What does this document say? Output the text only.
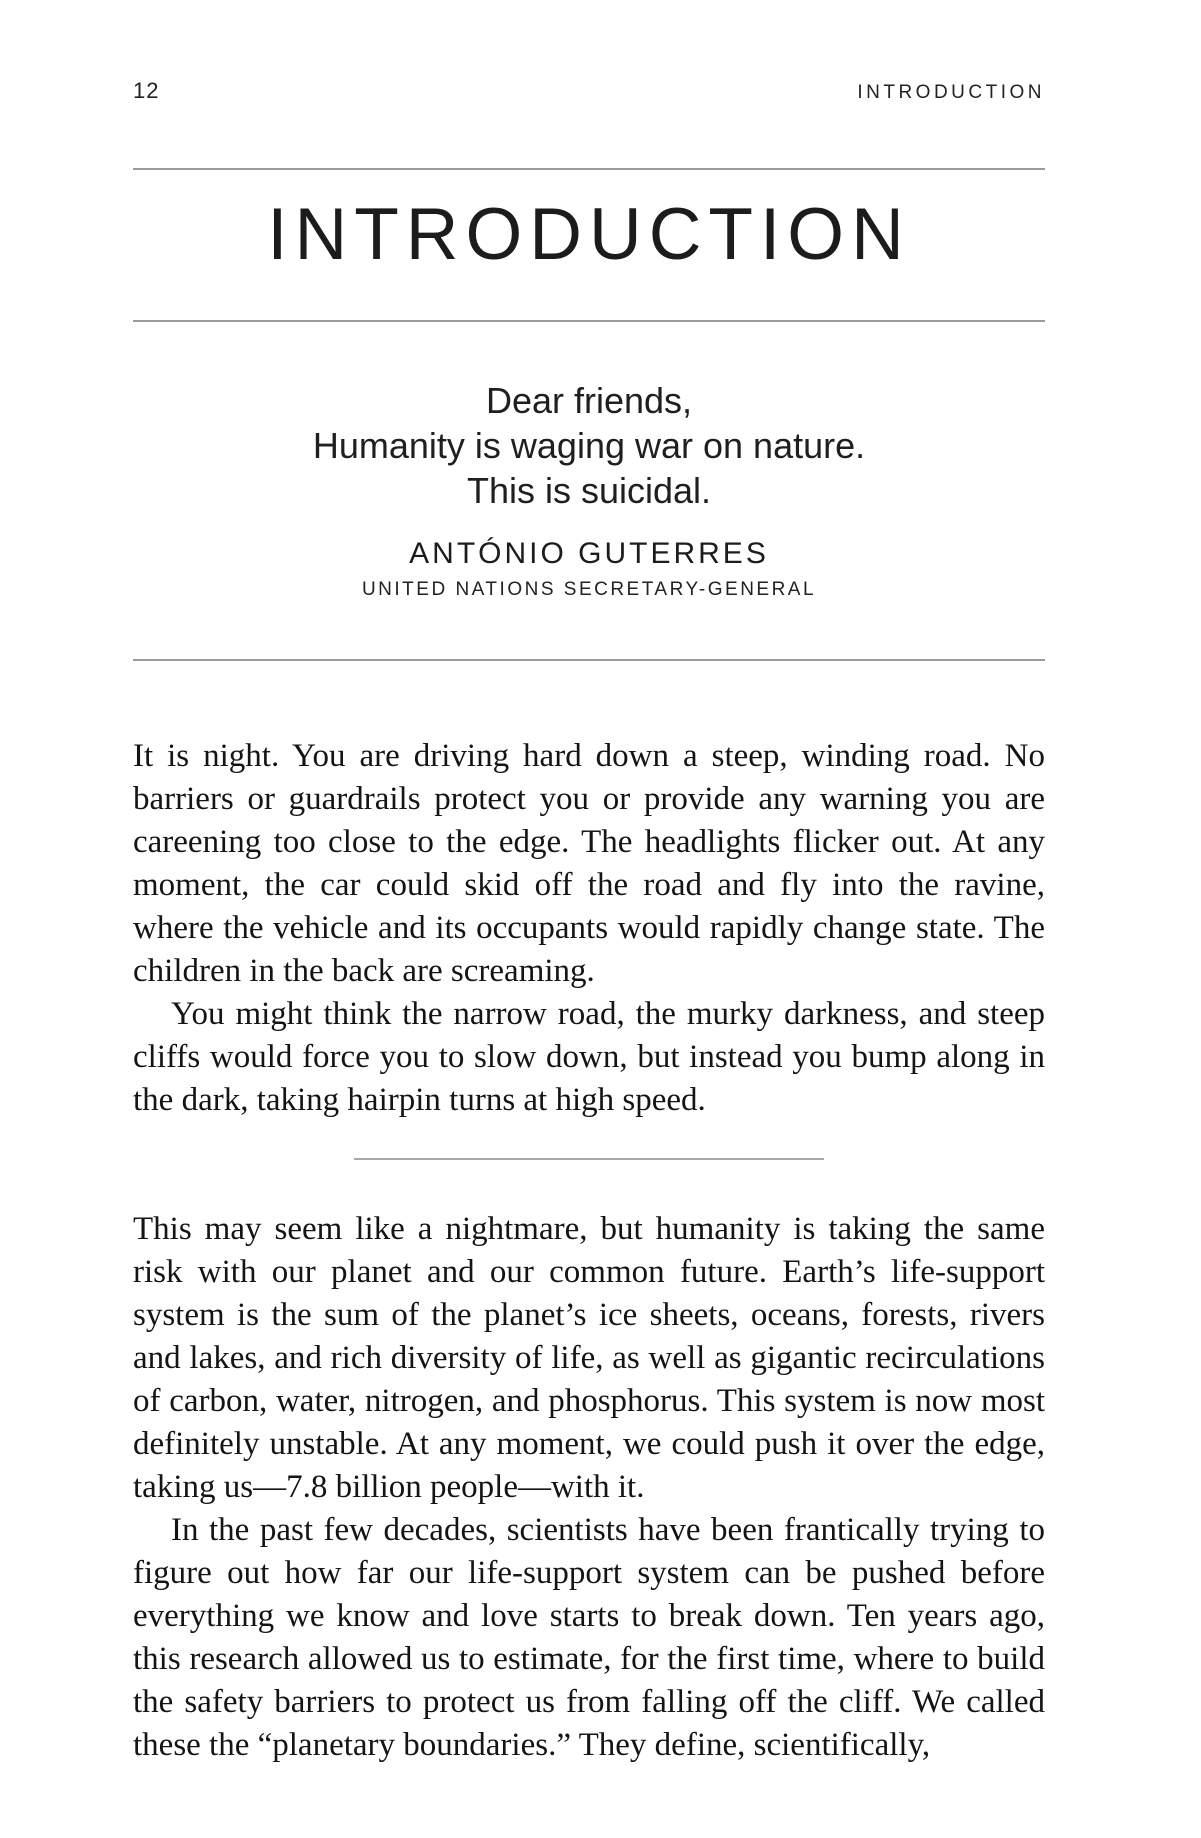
12	INTRODUCTION
INTRODUCTION
Dear friends,
Humanity is waging war on nature.
This is suicidal.
ANTÓNIO GUTERRES
UNITED NATIONS SECRETARY-GENERAL

It is night. You are driving hard down a steep, winding road. No barriers or guardrails protect you or provide any warning you are careening too close to the edge. The headlights flicker out. At any moment, the car could skid off the road and fly into the ravine, where the vehicle and its occupants would rapidly change state. The children in the back are screaming.

You might think the narrow road, the murky darkness, and steep cliffs would force you to slow down, but instead you bump along in the dark, taking hairpin turns at high speed.

This may seem like a nightmare, but humanity is taking the same risk with our planet and our common future. Earth’s life-support system is the sum of the planet’s ice sheets, oceans, forests, rivers and lakes, and rich diversity of life, as well as gigantic recirculations of carbon, water, nitrogen, and phosphorus. This system is now most definitely unstable. At any moment, we could push it over the edge, taking us—7.8 billion people—with it.

In the past few decades, scientists have been frantically trying to figure out how far our life-support system can be pushed before everything we know and love starts to break down. Ten years ago, this research allowed us to estimate, for the first time, where to build the safety barriers to protect us from falling off the cliff. We called these the “planetary boundaries.” They define, scientifically,
